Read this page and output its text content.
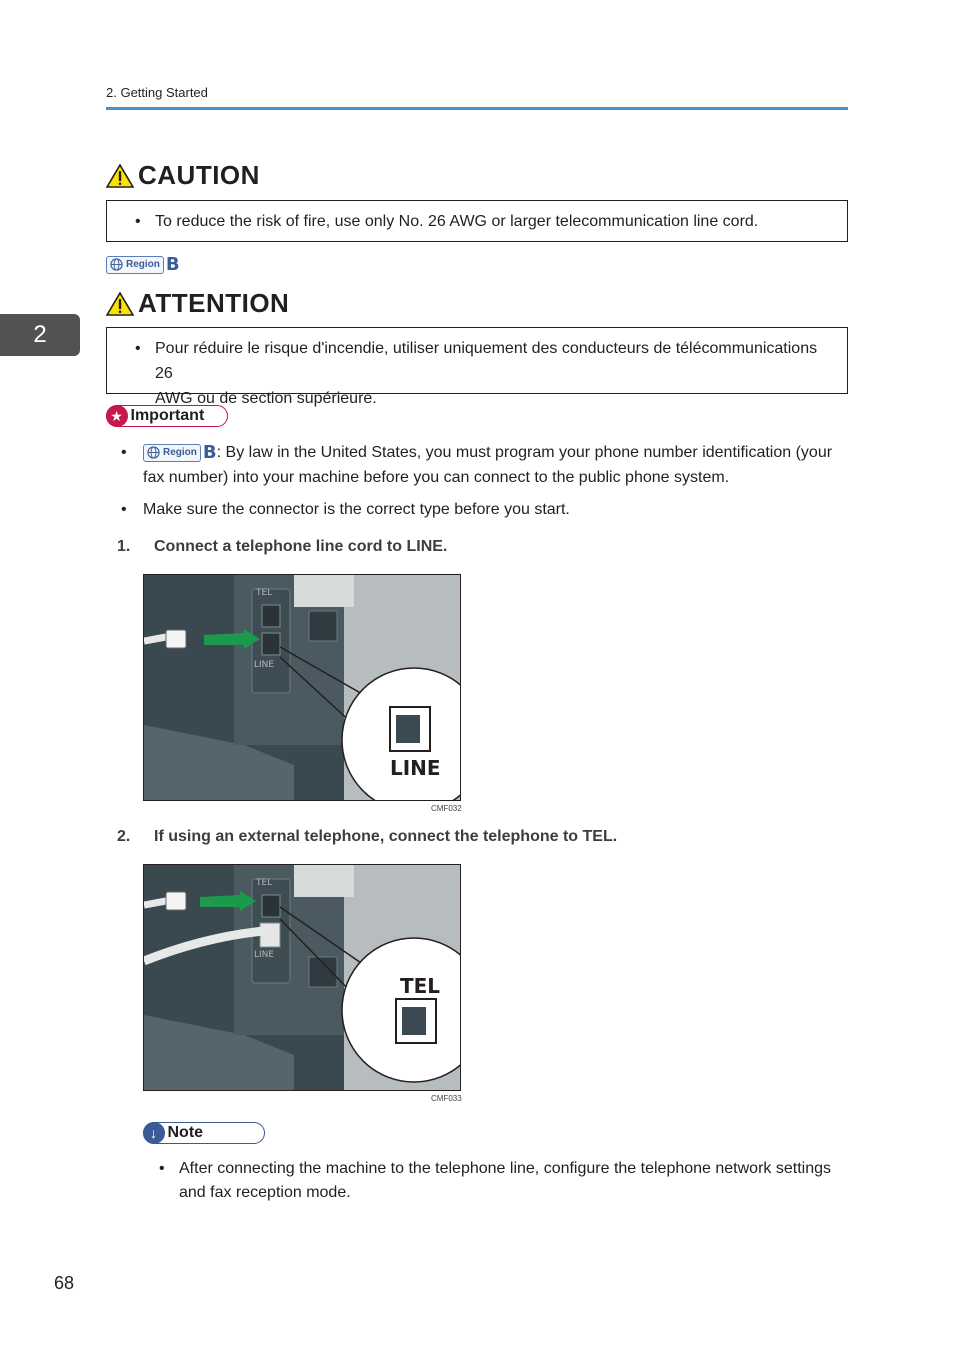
2. Getting Started
2
CAUTION
• To reduce the risk of fire, use only No. 26 AWG or larger telecommunication line cord.
Region B
ATTENTION
• Pour réduire le risque d'incendie, utiliser uniquement des conducteurs de télécommunications 26
AWG ou de section supérieure.
★ Important
• Region B : By law in the United States, you must program your phone number identification (your
fax number) into your machine before you can connect to the public phone system.
• Make sure the connector is the correct type before you start.
1.	Connect a telephone line cord to LINE.
TEL
LINE
LINE
CMF032
2.	If using an external telephone, connect the telephone to TEL.
TEL
LINE
TEL
CMF033
↓ Note
• After connecting the machine to the telephone line, configure the telephone network settings
and fax reception mode.
68
